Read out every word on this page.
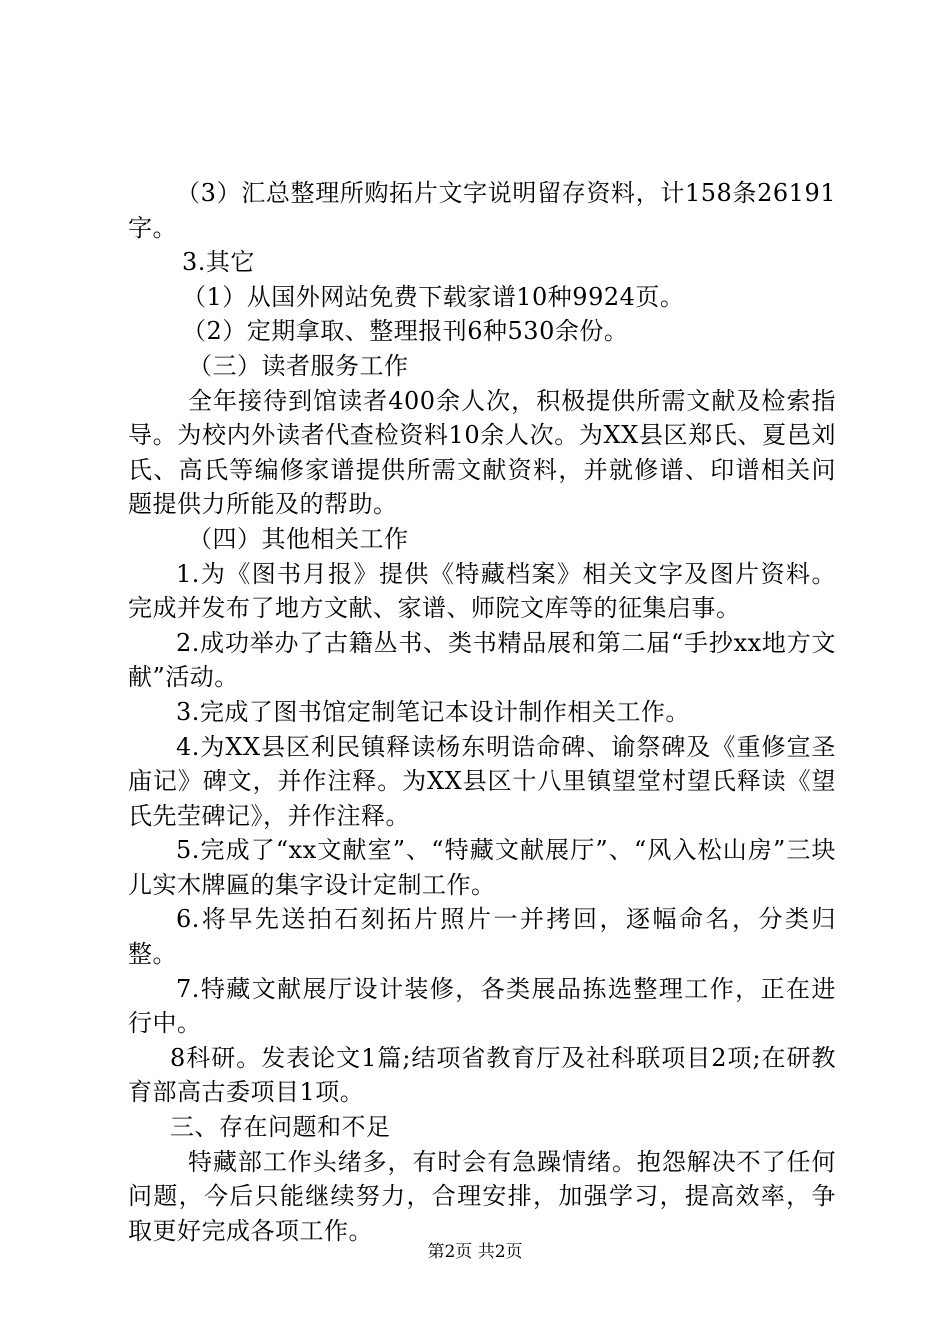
（3）汇总整理所购拓片文字说明留存资料，计158条26191字。

3.其它

（1）从国外网站免费下载家谱10种9924页。

（2）定期拿取、整理报刊6种530余份。

（三）读者服务工作

全年接待到馆读者400余人次，积极提供所需文献及检索指导。为校内外读者代查检资料10余人次。为XX县区郑氏、夏邑刘氏、高氏等编修家谱提供所需文献资料，并就修谱、印谱相关问题提供力所能及的帮助。

（四）其他相关工作

1.为《图书月报》提供《特藏档案》相关文字及图片资料。完成并发布了地方文献、家谱、师院文库等的征集启事。

2.成功举办了古籍丛书、类书精品展和第二届“手抄xx地方文献”活动。

3.完成了图书馆定制笔记本设计制作相关工作。

4.为XX县区利民镇释读杨东明诰命碑、谕祭碑及《重修宣圣庙记》碑文，并作注释。为XX县区十八里镇望堂村望氏释读《望氏先茔碑记》，并作注释。

5.完成了“xx文献室”、“特藏文献展厅”、“风入松山房”三块儿实木牌匾的集字设计定制工作。

6.将早先送拍石刻拓片照片一并拷回，逐幅命名，分类归整。

7.特藏文献展厅设计装修，各类展品拣选整理工作，正在进行中。

8科研。发表论文1篇;结项省教育厅及社科联项目2项;在研教育部高古委项目1项。

三、存在问题和不足

特藏部工作头绪多，有时会有急躁情绪。抱怨解决不了任何问题，今后只能继续努力，合理安排，加强学习，提高效率，争取更好完成各项工作。

第2页 共2页
